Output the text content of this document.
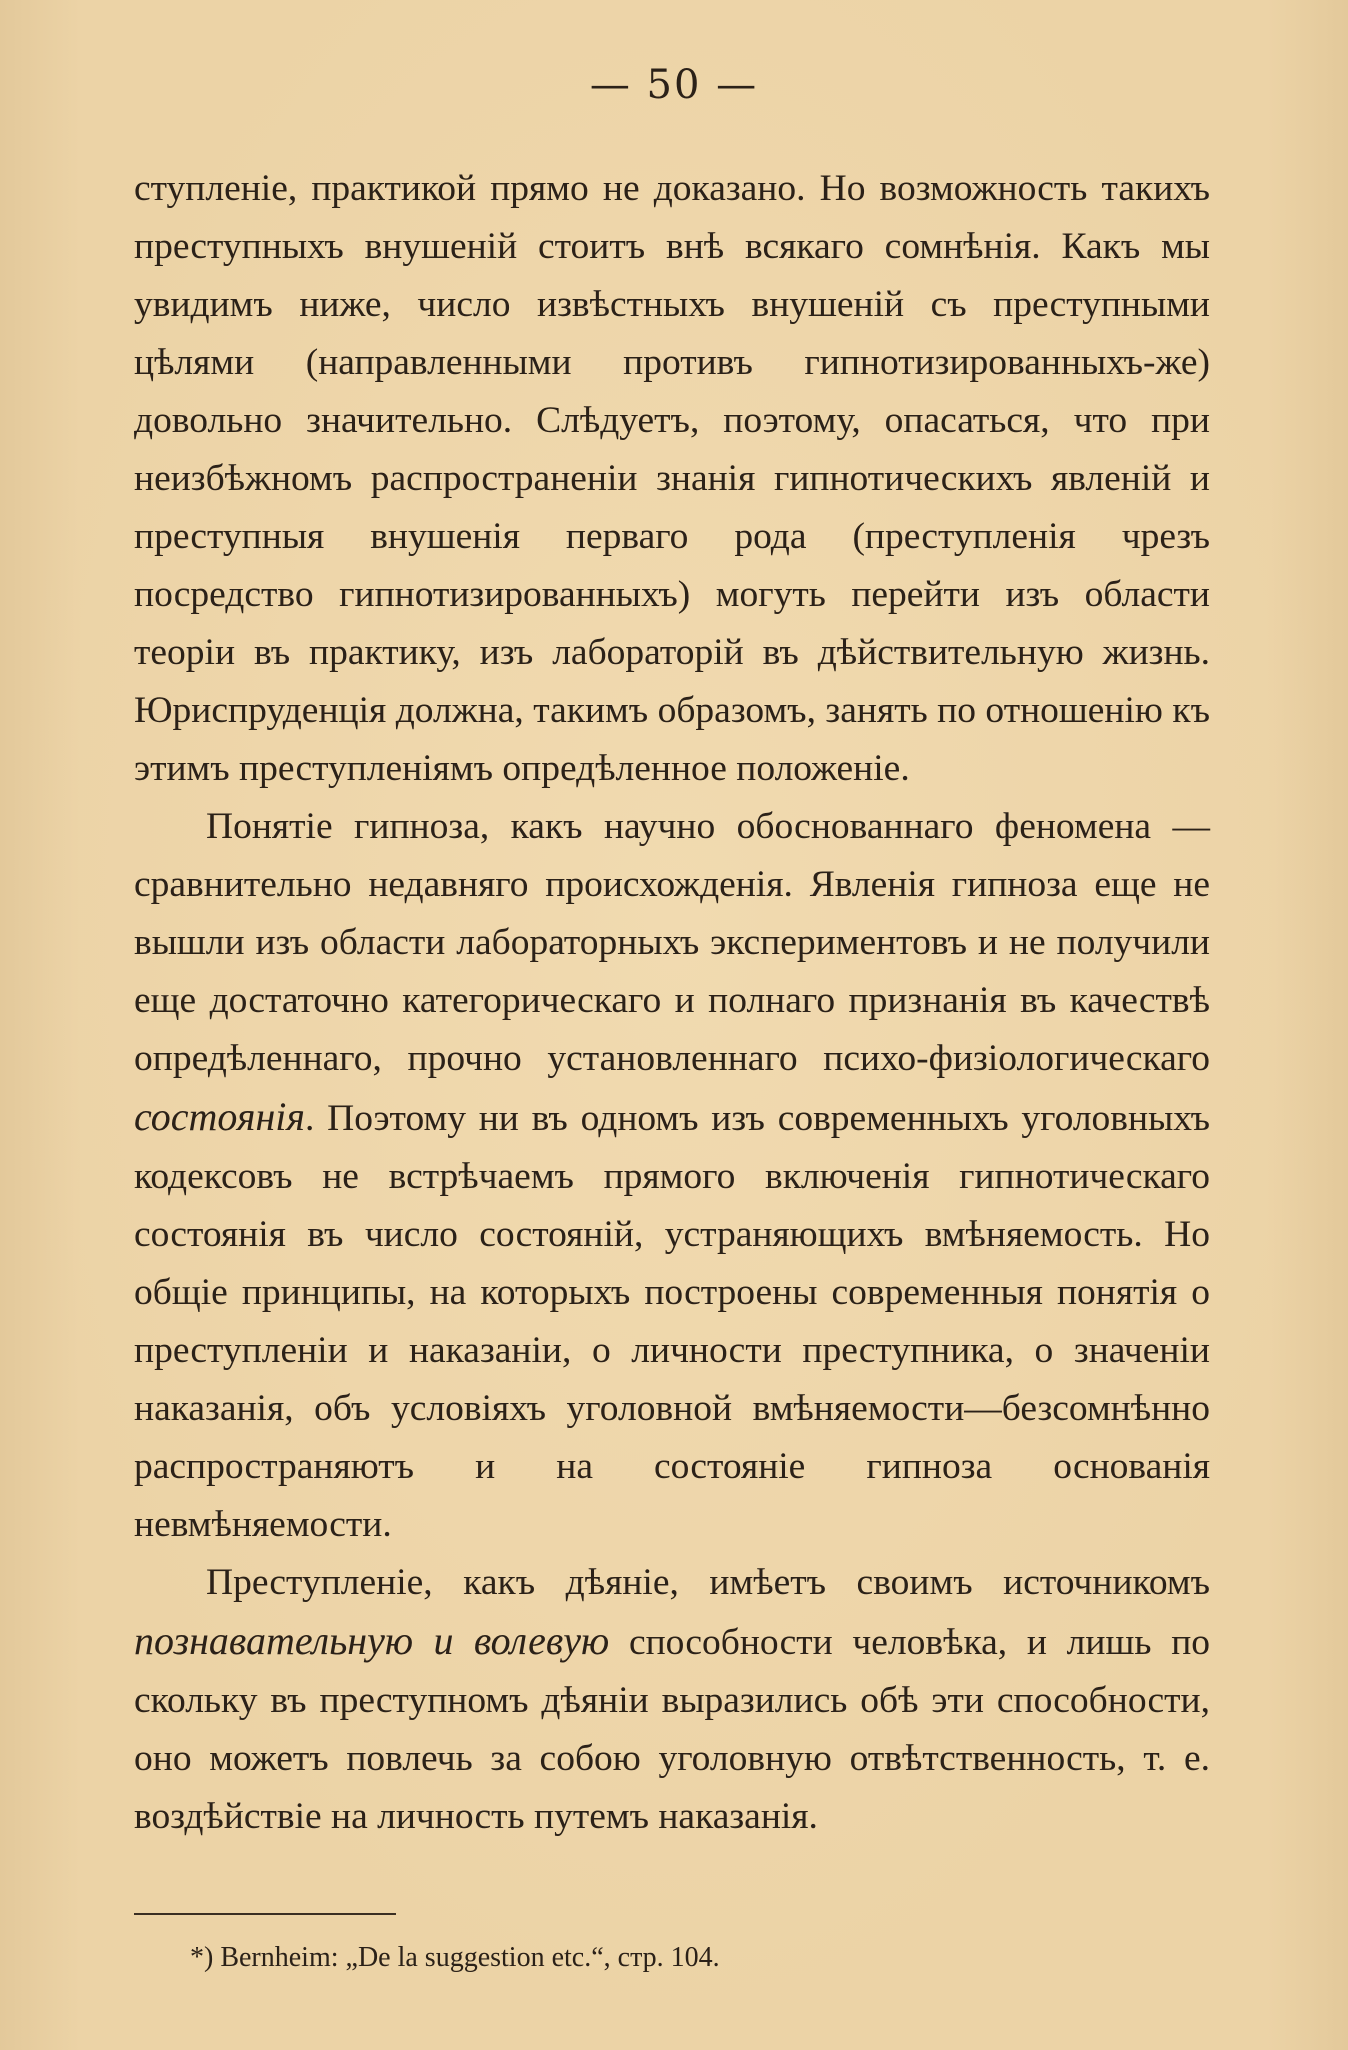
— 50 —

ступленіе, практикой прямо не доказано. Но возможность такихъ преступныхъ внушеній стоитъ внѣ всякаго сомнѣнія. Какъ мы увидимъ ниже, число извѣстныхъ внушеній съ преступными цѣлями (направленными противъ гипнотизированныхъ-же) довольно значительно. Слѣдуетъ, поэтому, опасаться, что при неизбѣжномъ распространеніи знанія гипнотическихъ явленій и преступныя внушенія перваго рода (преступленія чрезъ посредство гипнотизированныхъ) могуть перейти изъ области теоріи въ практику, изъ лабораторій въ дѣйствительную жизнь. Юриспруденція должна, такимъ образомъ, занять по отношенію къ этимъ преступленіямъ опредѣленное положеніе.

Понятіе гипноза, какъ научно обоснованнаго феномена — сравнительно недавняго происхожденія. Явленія гипноза еще не вышли изъ области лабораторныхъ экспериментовъ и не получили еще достаточно категорическаго и полнаго признанія въ качествѣ опредѣленнаго, прочно установленнаго психо-физіологическаго состоянія. Поэтому ни въ одномъ изъ современныхъ уголовныхъ кодексовъ не встрѣчаемъ прямого включенія гипнотическаго состоянія въ число состояній, устраняющихъ вмѣняемость. Но общіе принципы, на которыхъ построены современныя понятія о преступленіи и наказаніи, о личности преступника, о значеніи наказанія, объ условіяхъ уголовной вмѣняемости—безсомнѣнно распространяютъ и на состояніе гипноза основанія невмѣняемости.

Преступленіе, какъ дѣяніе, имѣетъ своимъ источникомъ познавательную и волевую способности человѣка, и лишь по скольку въ преступномъ дѣяніи выразились обѣ эти способности, оно можетъ повлечь за собою уголовную отвѣтственность, т. е. воздѣйствіе на личность путемъ наказанія.

*) Bernheim: „De la suggestion etc.“, стр. 104.
